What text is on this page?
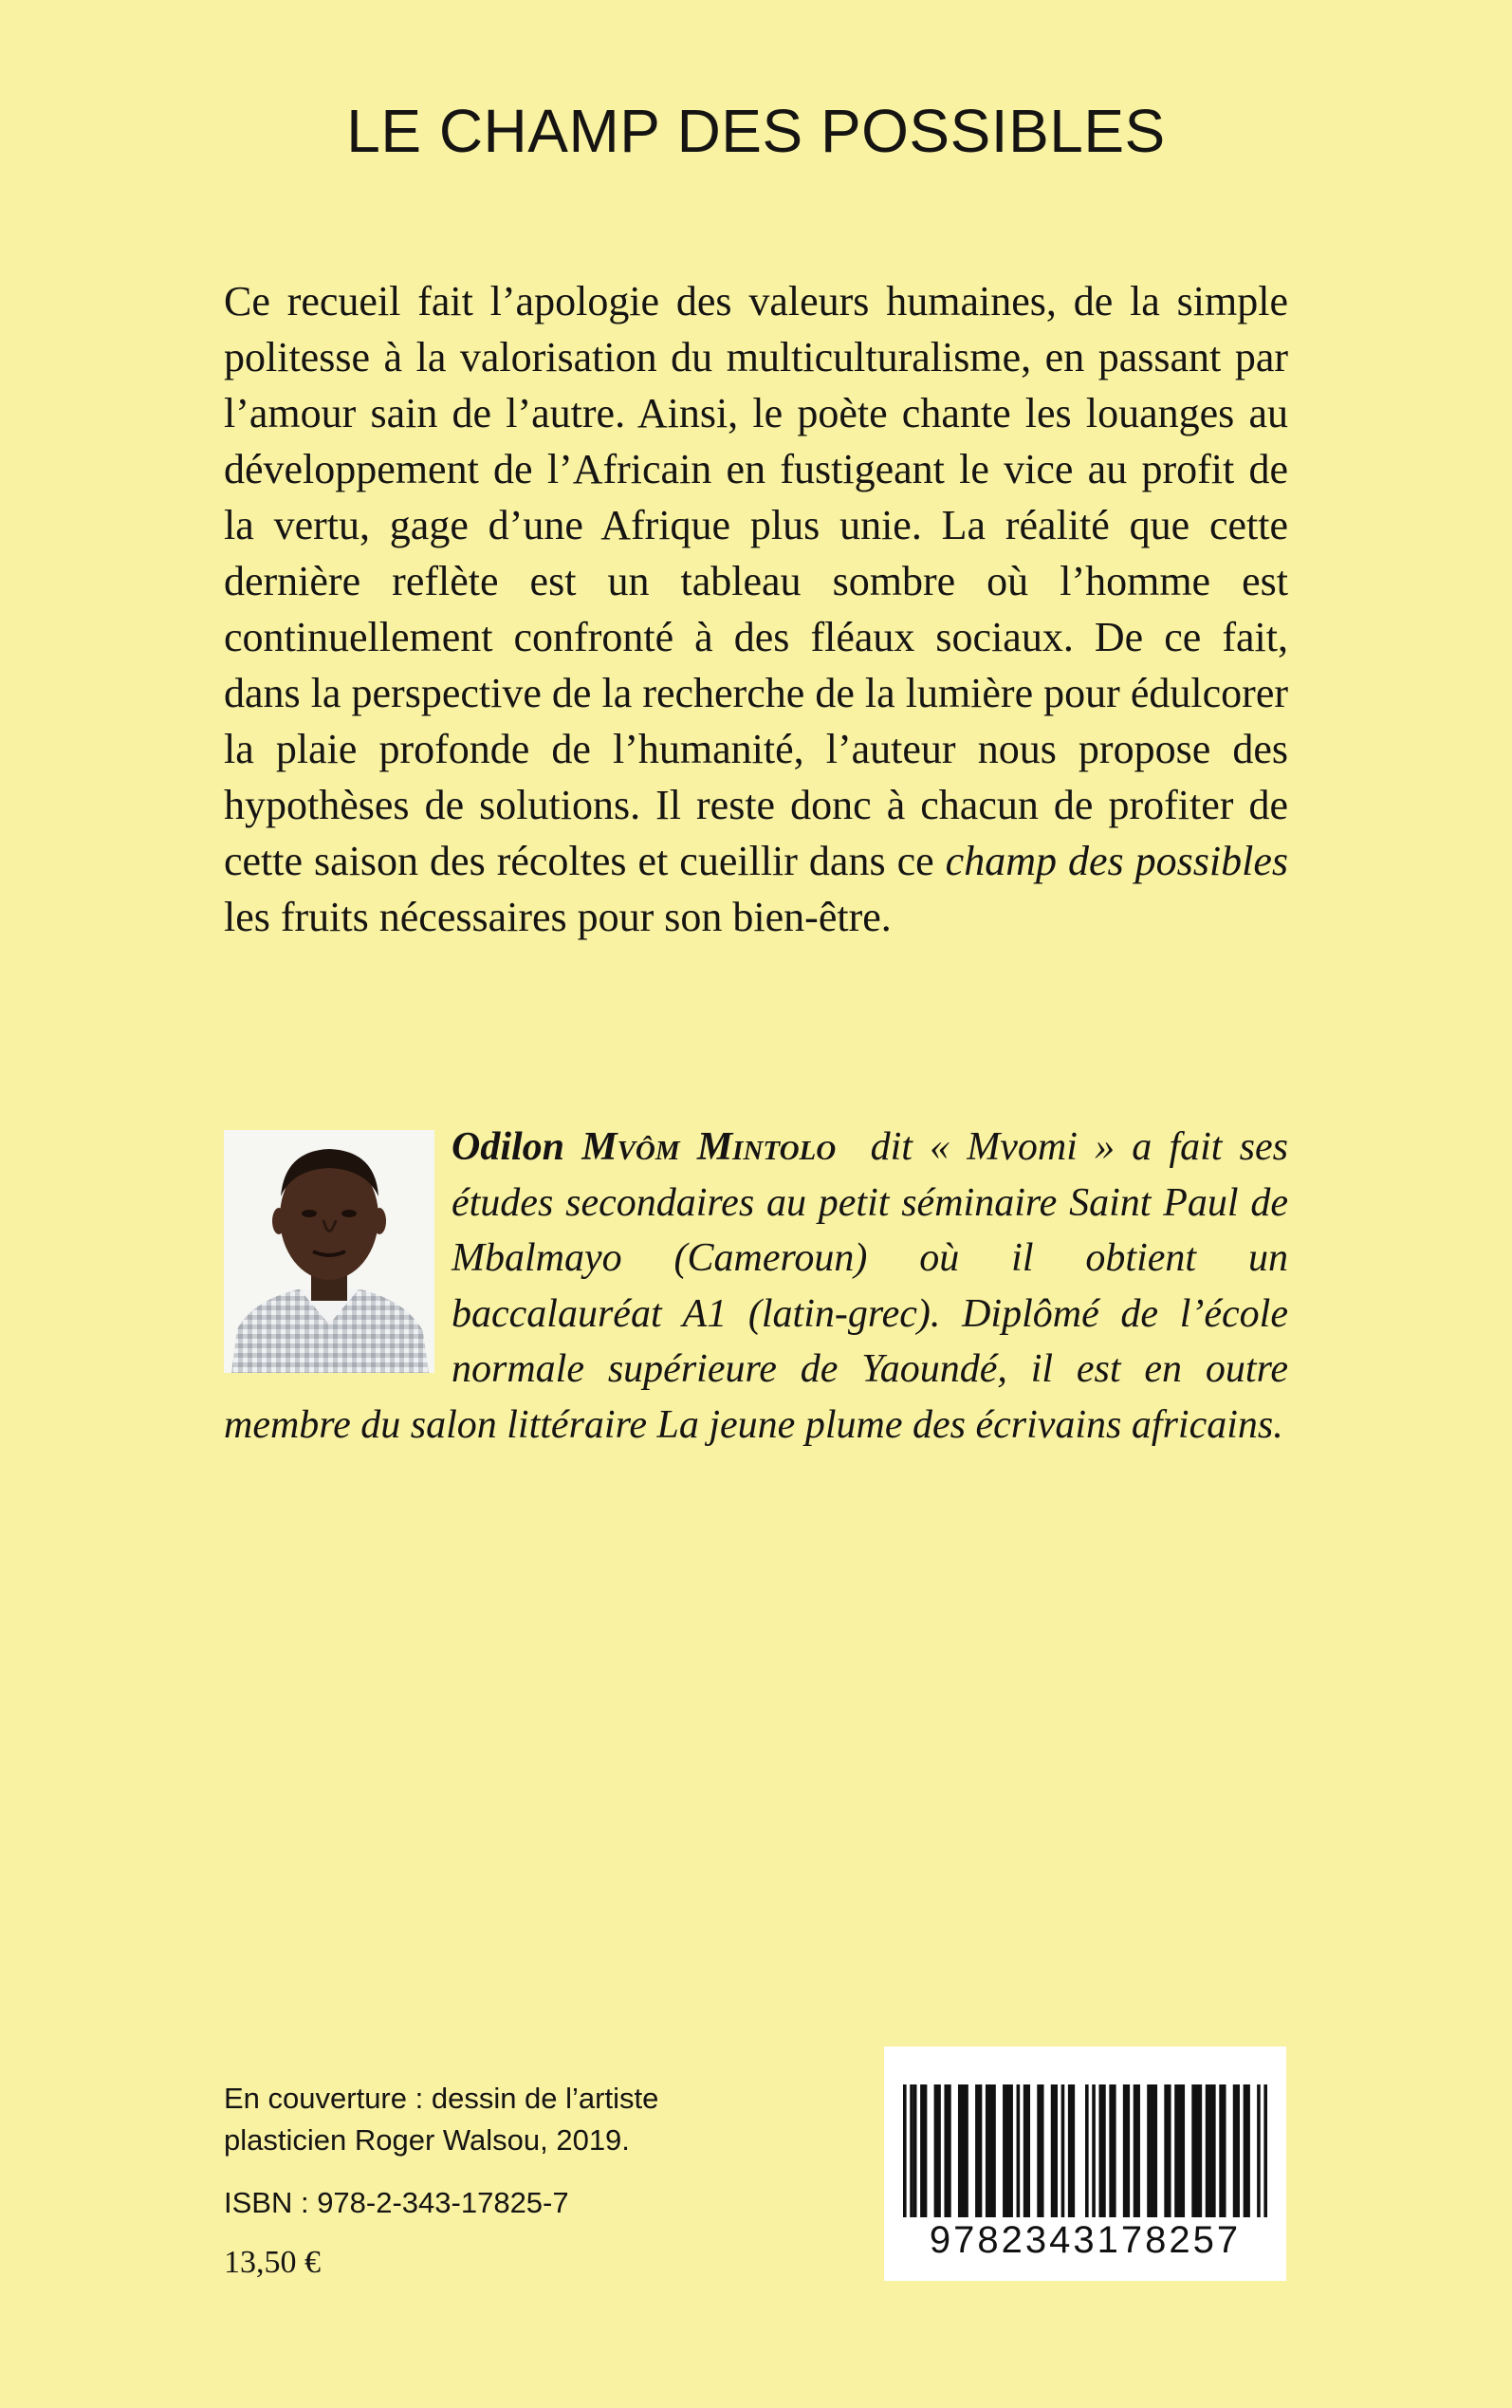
LE CHAMP DES POSSIBLES

Ce recueil fait l’apologie des valeurs humaines, de la simple politesse à la valorisation du multiculturalisme, en passant par l’amour sain de l’autre. Ainsi, le poète chante les louanges au développement de l’Africain en fustigeant le vice au profit de la vertu, gage d’une Afrique plus unie. La réalité que cette dernière reflète est un tableau sombre où l’homme est continuellement confronté à des fléaux sociaux. De ce fait, dans la perspective de la recherche de la lumière pour édulcorer la plaie profonde de l’humanité, l’auteur nous propose des hypothèses de solutions. Il reste donc à chacun de profiter de cette saison des récoltes et cueillir dans ce champ des possibles les fruits nécessaires pour son bien-être.

Odilon Mvôm Mintolo dit « Mvomi » a fait ses études secondaires au petit séminaire Saint Paul de Mbalmayo (Cameroun) où il obtient un baccalauréat A1 (latin-grec). Diplômé de l’école normale supérieure de Yaoundé, il est en outre membre du salon littéraire La jeune plume des écrivains africains.

En couverture : dessin de l’artiste plasticien Roger Walsou, 2019.

ISBN : 978-2-343-17825-7

13,50 €

9782343178257
